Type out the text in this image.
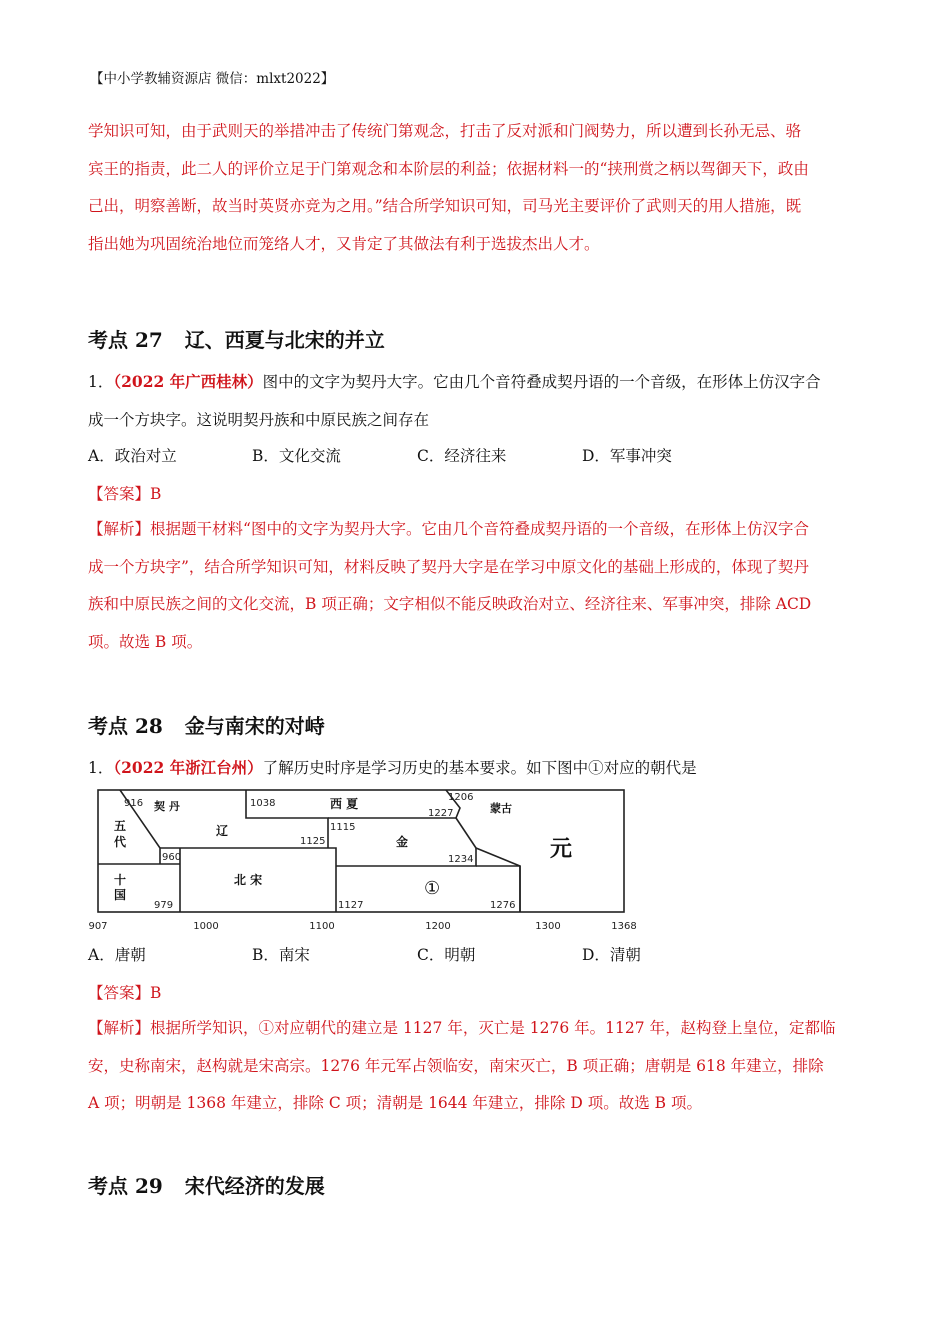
【中小学教辅资源店 微信：mlxt2022】

学知识可知，由于武则天的举措冲击了传统门第观念，打击了反对派和门阀势力，所以遭到长孙无忌、骆

宾王的指责，此二人的评价立足于门第观念和本阶层的利益；依据材料一的“挟刑赏之柄以驾御天下，政由

己出，明察善断，故当时英贤亦竞为之用。”结合所学知识可知，司马光主要评价了武则天的用人措施，既

指出她为巩固统治地位而笼络人才，又肯定了其做法有利于选拔杰出人才。

考点 27 辽、西夏与北宋的并立

1．（2022 年广西桂林）图中的文字为契丹大字。它由几个音符叠成契丹语的一个音级，在形体上仿汉字合

成一个方块字。这说明契丹族和中原民族之间存在

A．政治对立	B．文化交流	C．经济往来	D．军事冲突
【答案】B

【解析】根据题干材料“图中的文字为契丹大字。它由几个音符叠成契丹语的一个音级，在形体上仿汉字合

成一个方块字”，结合所学知识可知，材料反映了契丹大字是在学习中原文化的基础上形成的，体现了契丹

族和中原民族之间的文化交流，B 项正确；文字相似不能反映政治对立、经济往来、军事冲突，排除 ACD

项。故选 B 项。

考点 28 金与南宋的对峙

1．（2022 年浙江台州）了解历史时序是学习历史的基本要求。如下图中①对应的朝代是

907	1000	1100	1200	1300	1368
916
960
979
1038
1115
1125
1127
1206
1227
1234
1276
契 丹
五
代
十
国
辽
西 夏	蒙古
金
北 宋	①
元
A．唐朝	B．南宋	C．明朝	D．清朝
【答案】B

【解析】根据所学知识，①对应朝代的建立是 1127 年，灭亡是 1276 年。1127 年，赵构登上皇位，定都临

安，史称南宋，赵构就是宋高宗。1276 年元军占领临安，南宋灭亡，B 项正确；唐朝是 618 年建立，排除

A 项；明朝是 1368 年建立，排除 C 项；清朝是 1644 年建立，排除 D 项。故选 B 项。

考点 29 宋代经济的发展
